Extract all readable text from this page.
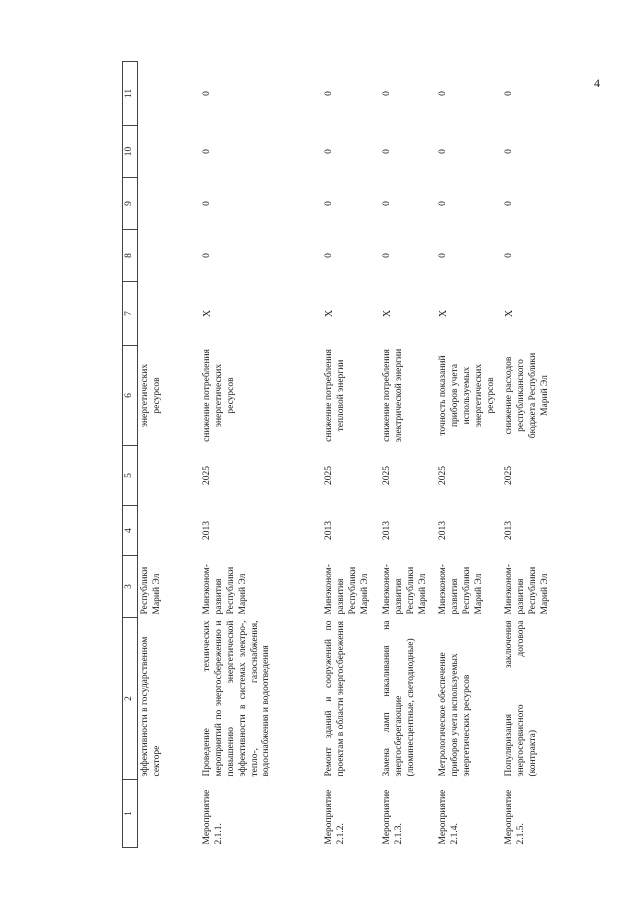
4
1	2	3	4	5	6	7	8	9	10	11
	эффективности в государственном секторе	Республики Марий Эл			энергетических ресурсов					
Мероприятие 2.1.1.	Проведение технических мероприятий по энергосбережению и повышению энергетической эффективности в системах электро-, тепло-, газоснабжения, водоснабжения и водоотведения	Минэконом-развития Республики Марий Эл	2013	2025	снижение потребления энергетических ресурсов	X	0	0	0	0
Мероприятие 2.1.2.	Ремонт зданий и сооружений по проектам в области энергосбережения	Минэконом-развития Республики Марий Эл	2013	2025	снижение потребления тепловой энергии	X	0	0	0	0
Мероприятие 2.1.3.	Замена ламп накаливания на энергосберегающие (люминесцентные, светодиодные)	Минэконом-развития Республики Марий Эл	2013	2025	снижение потребления электрической энергии	X	0	0	0	0
Мероприятие 2.1.4.	Метрологическое обеспечение приборов учета используемых энергетических ресурсов	Минэконом-развития Республики Марий Эл	2013	2025	точность показаний приборов учета используемых энергетических ресурсов	X	0	0	0	0
Мероприятие 2.1.5.	Популяризация заключения энергосервисного договора (контракта)	Минэконом-развития Республики Марий Эл	2013	2025	снижение расходов республиканского бюджета Республики Марий Эл	X	0	0	0	0
